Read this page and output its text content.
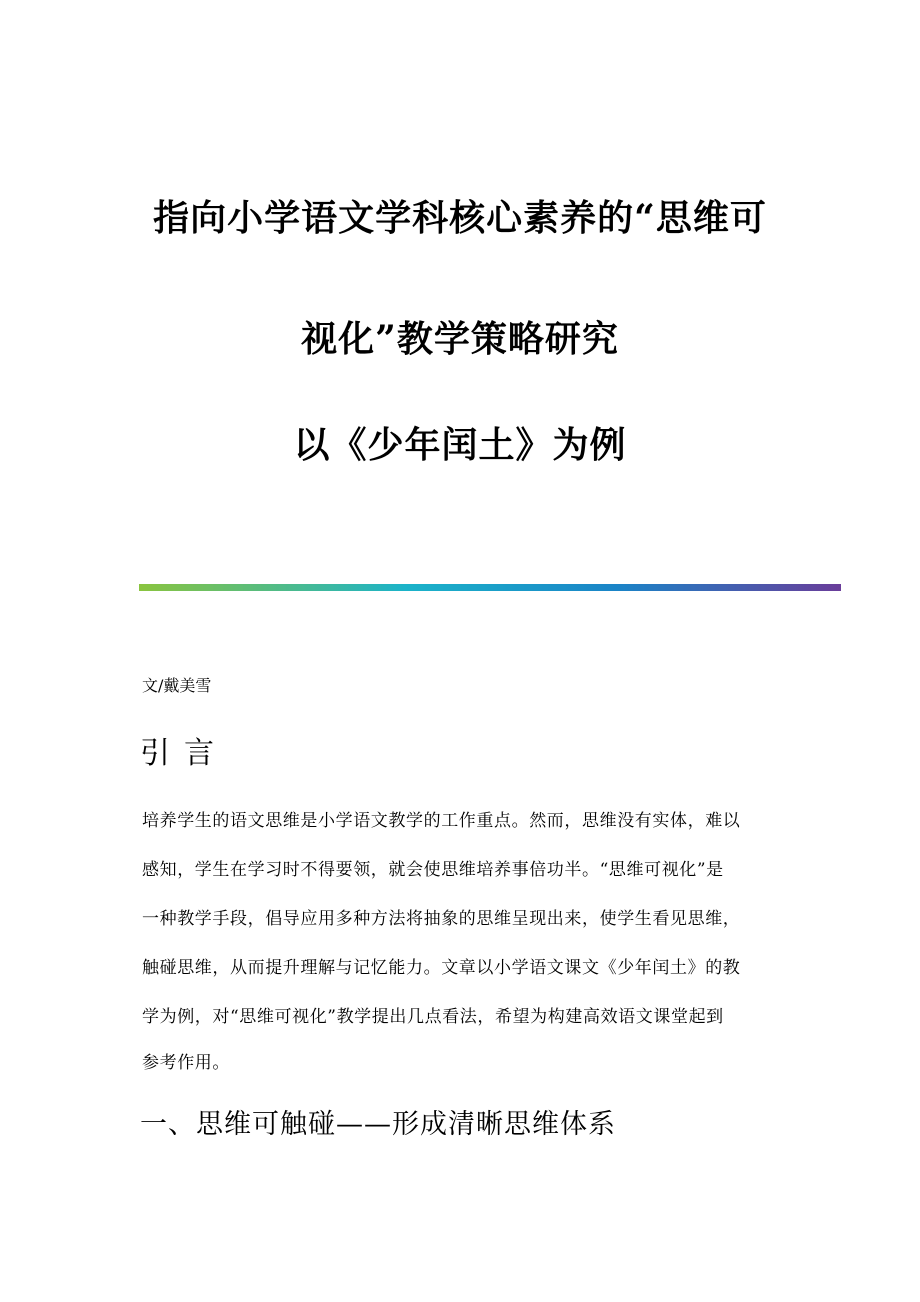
指向小学语文学科核心素养的“思维可
视化”教学策略研究
以《少年闰土》为例
文/戴美雪
引言
培养学生的语文思维是小学语文教学的工作重点。然而，思维没有实体，难以
感知，学生在学习时不得要领，就会使思维培养事倍功半。“思维可视化”是
一种教学手段，倡导应用多种方法将抽象的思维呈现出来，使学生看见思维，
触碰思维，从而提升理解与记忆能力。文章以小学语文课文《少年闰土》的教
学为例，对“思维可视化”教学提出几点看法，希望为构建高效语文课堂起到
参考作用。
一、思维可触碰——形成清晰思维体系
